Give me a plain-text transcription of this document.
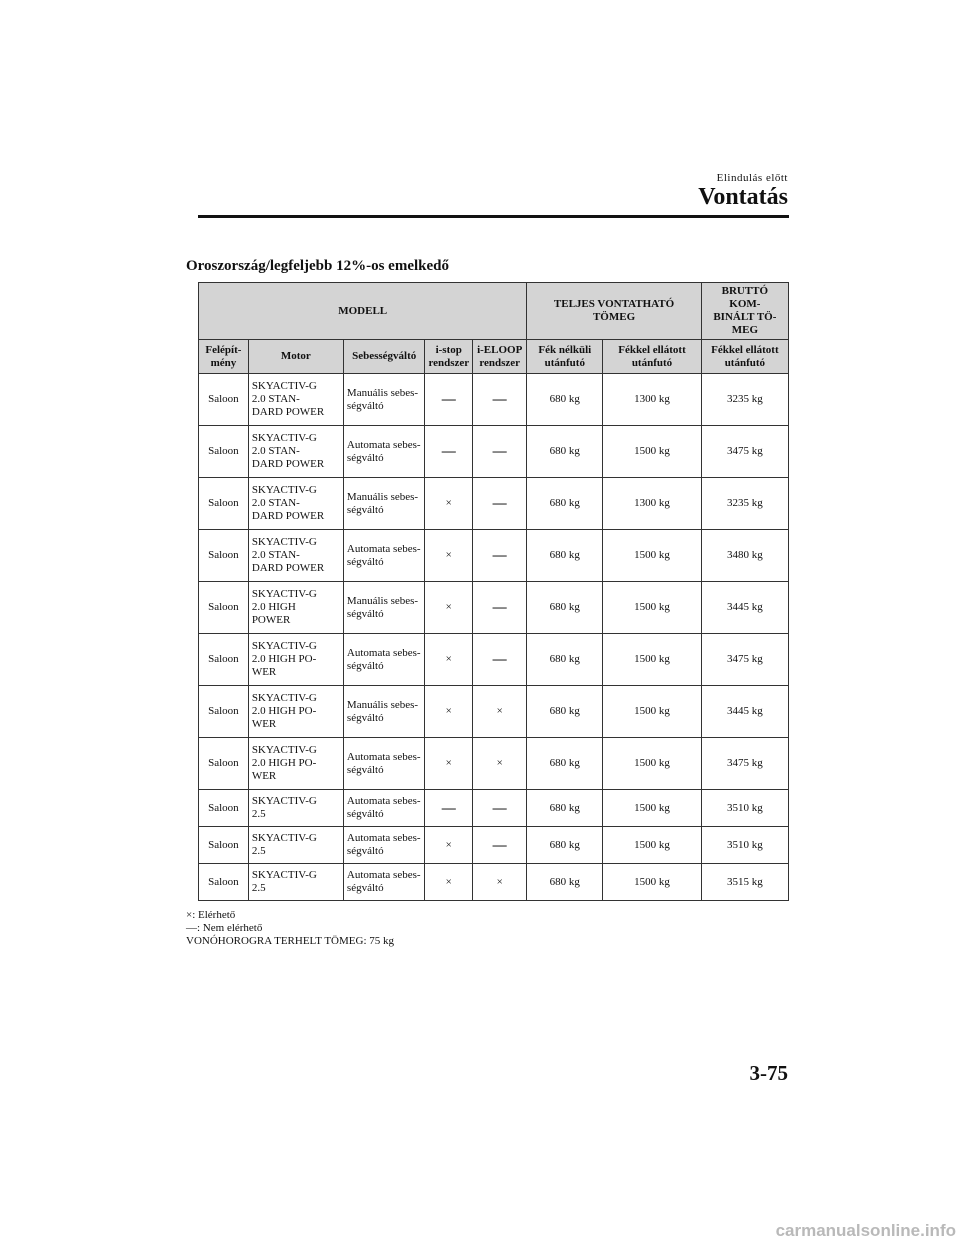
Elindulás előtt
Vontatás
Oroszország/legfeljebb 12%-os emelkedő
MODELL					TELJES VONTATHATÓ
TÖMEG		BRUTTÓ KOM-
BINÁLT TÖ-
MEG
Felépít-
mény	Motor	Sebességváltó	i-stop
rendszer	i-ELOOP
rendszer	Fék nélküli
utánfutó	Fékkel ellátott
utánfutó	Fékkel ellátott
utánfutó
Saloon	SKYACTIV-G
2.0 STAN-
DARD POWER	Manuális sebes-
ségváltó	—	—	680 kg	1300 kg	3235 kg
Saloon	SKYACTIV-G
2.0 STAN-
DARD POWER	Automata sebes-
ségváltó	—	—	680 kg	1500 kg	3475 kg
Saloon	SKYACTIV-G
2.0 STAN-
DARD POWER	Manuális sebes-
ségváltó	×	—	680 kg	1300 kg	3235 kg
Saloon	SKYACTIV-G
2.0 STAN-
DARD POWER	Automata sebes-
ségváltó	×	—	680 kg	1500 kg	3480 kg
Saloon	SKYACTIV-G
2.0 HIGH
POWER	Manuális sebes-
ségváltó	×	—	680 kg	1500 kg	3445 kg
Saloon	SKYACTIV-G
2.0 HIGH PO-
WER	Automata sebes-
ségváltó	×	—	680 kg	1500 kg	3475 kg
Saloon	SKYACTIV-G
2.0 HIGH PO-
WER	Manuális sebes-
ségváltó	×	×	680 kg	1500 kg	3445 kg
Saloon	SKYACTIV-G
2.0 HIGH PO-
WER	Automata sebes-
ségváltó	×	×	680 kg	1500 kg	3475 kg
Saloon	SKYACTIV-G
2.5	Automata sebes-
ségváltó	—	—	680 kg	1500 kg	3510 kg
Saloon	SKYACTIV-G
2.5	Automata sebes-
ségváltó	×	—	680 kg	1500 kg	3510 kg
Saloon	SKYACTIV-G
2.5	Automata sebes-
ségváltó	×	×	680 kg	1500 kg	3515 kg
×: Elérhető
—: Nem elérhető
VONÓHOROGRA TERHELT TÖMEG: 75 kg
3-75
carmanualsonline.info
